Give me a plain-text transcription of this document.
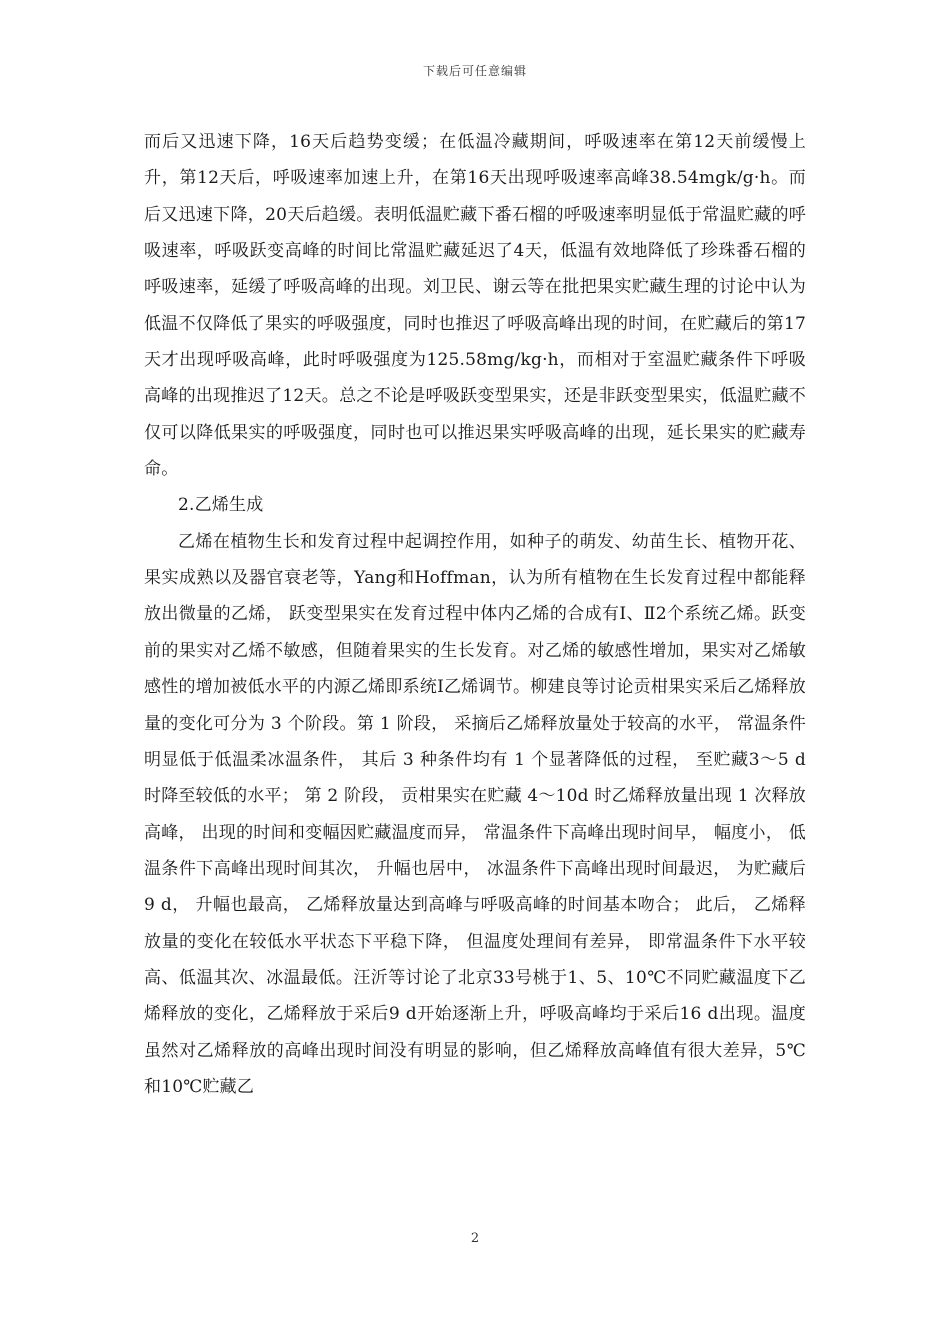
下载后可任意编辑

而后又迅速下降，16天后趋势变缓；在低温冷藏期间，呼吸速率在第12天前缓慢上升，第12天后，呼吸速率加速上升，在第16天出现呼吸速率高峰38.54mgk/g·h。而后又迅速下降，20天后趋缓。表明低温贮藏下番石榴的呼吸速率明显低于常温贮藏的呼吸速率，呼吸跃变高峰的时间比常温贮藏延迟了4天，低温有效地降低了珍珠番石榴的呼吸速率，延缓了呼吸高峰的出现。刘卫民、谢云等在批把果实贮藏生理的讨论中认为低温不仅降低了果实的呼吸强度，同时也推迟了呼吸高峰出现的时间，在贮藏后的第17天才出现呼吸高峰，此时呼吸强度为125.58mg/kg·h，而相对于室温贮藏条件下呼吸高峰的出现推迟了12天。总之不论是呼吸跃变型果实，还是非跃变型果实，低温贮藏不仅可以降低果实的呼吸强度，同时也可以推迟果实呼吸高峰的出现，延长果实的贮藏寿命。

2.乙烯生成

乙烯在植物生长和发育过程中起调控作用，如种子的萌发、幼苗生长、植物开花、果实成熟以及器官衰老等，Yang和Hoffman，认为所有植物在生长发育过程中都能释放出微量的乙烯， 跃变型果实在发育过程中体内乙烯的合成有Ⅰ、Ⅱ2个系统乙烯。跃变前的果实对乙烯不敏感，但随着果实的生长发育。对乙烯的敏感性增加，果实对乙烯敏感性的增加被低水平的内源乙烯即系统Ⅰ乙烯调节。柳建良等讨论贡柑果实采后乙烯释放量的变化可分为 3 个阶段。第 1 阶段， 采摘后乙烯释放量处于较高的水平， 常温条件明显低于低温柔冰温条件， 其后 3 种条件均有 1 个显著降低的过程， 至贮藏3～5 d 时降至较低的水平； 第 2 阶段， 贡柑果实在贮藏 4～10d 时乙烯释放量出现 1 次释放高峰， 出现的时间和变幅因贮藏温度而异， 常温条件下高峰出现时间早， 幅度小， 低温条件下高峰出现时间其次， 升幅也居中， 冰温条件下高峰出现时间最迟， 为贮藏后 9 d， 升幅也最高， 乙烯释放量达到高峰与呼吸高峰的时间基本吻合； 此后， 乙烯释放量的变化在较低水平状态下平稳下降， 但温度处理间有差异， 即常温条件下水平较高、低温其次、冰温最低。汪沂等讨论了北京33号桃于1、5、10℃不同贮藏温度下乙烯释放的变化，乙烯释放于采后9 d开始逐渐上升，呼吸高峰均于采后16 d出现。温度虽然对乙烯释放的高峰出现时间没有明显的影响，但乙烯释放高峰值有很大差异，5℃和10℃贮藏乙

2
